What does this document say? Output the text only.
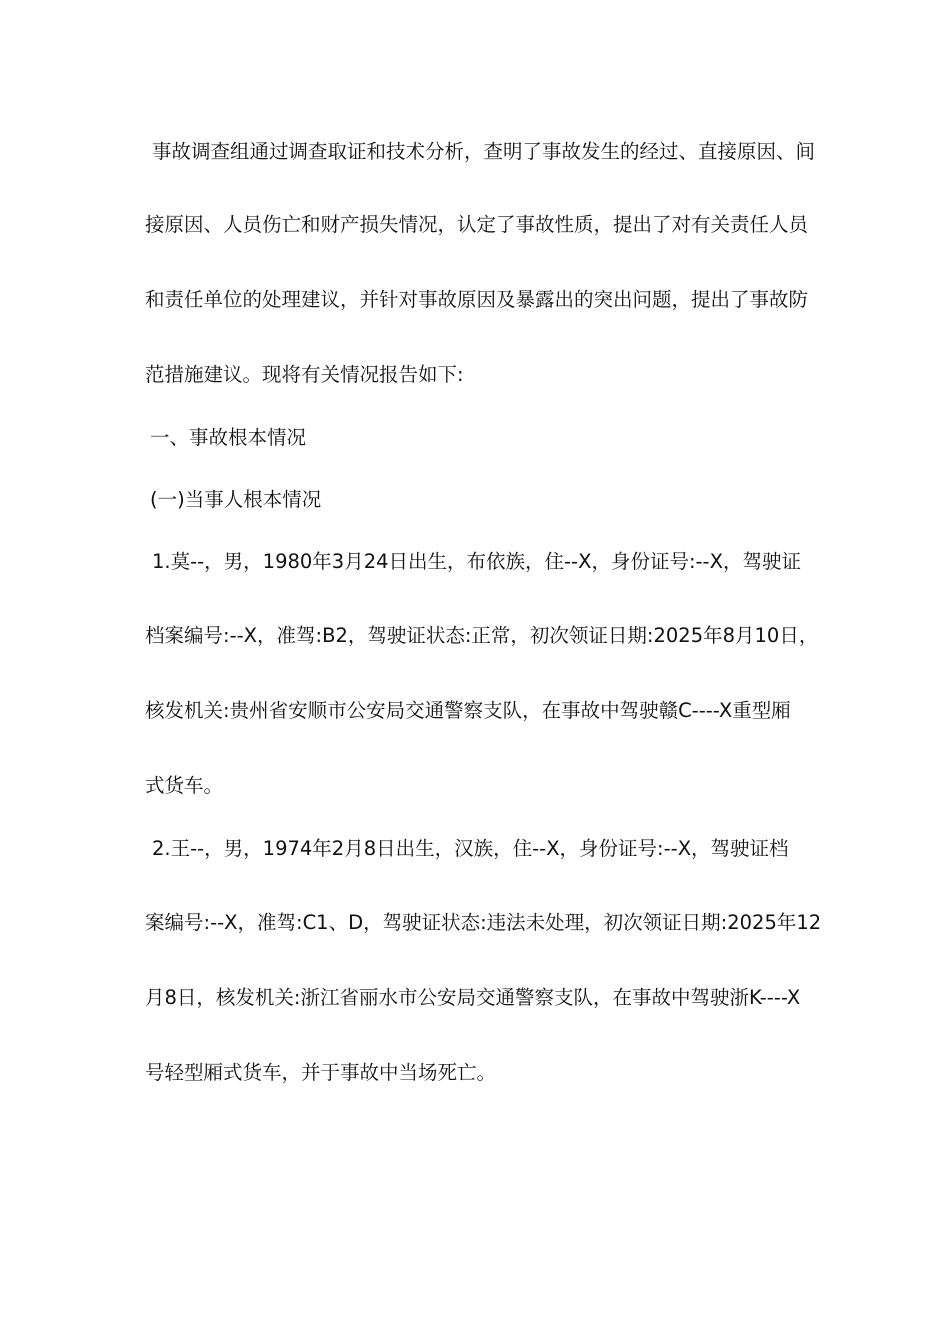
事故调查组通过调查取证和技术分析，查明了事故发生的经过、直接原因、间
接原因、人员伤亡和财产损失情况，认定了事故性质，提出了对有关责任人员
和责任单位的处理建议，并针对事故原因及暴露出的突出问题，提出了事故防
范措施建议。现将有关情况报告如下:
一、事故根本情况
(一)当事人根本情况
1.莫--，男，1980年3月24日出生，布依族，住--X，身份证号:--X，驾驶证
档案编号:--X，准驾:B2，驾驶证状态:正常，初次领证日期:2025年8月10日，
核发机关:贵州省安顺市公安局交通警察支队，在事故中驾驶赣C----X重型厢
式货车。
2.王--，男，1974年2月8日出生，汉族，住--X，身份证号:--X，驾驶证档
案编号:--X，准驾:C1、D，驾驶证状态:违法未处理，初次领证日期:2025年12
月8日，核发机关:浙江省丽水市公安局交通警察支队，在事故中驾驶浙K----X
号轻型厢式货车，并于事故中当场死亡。
